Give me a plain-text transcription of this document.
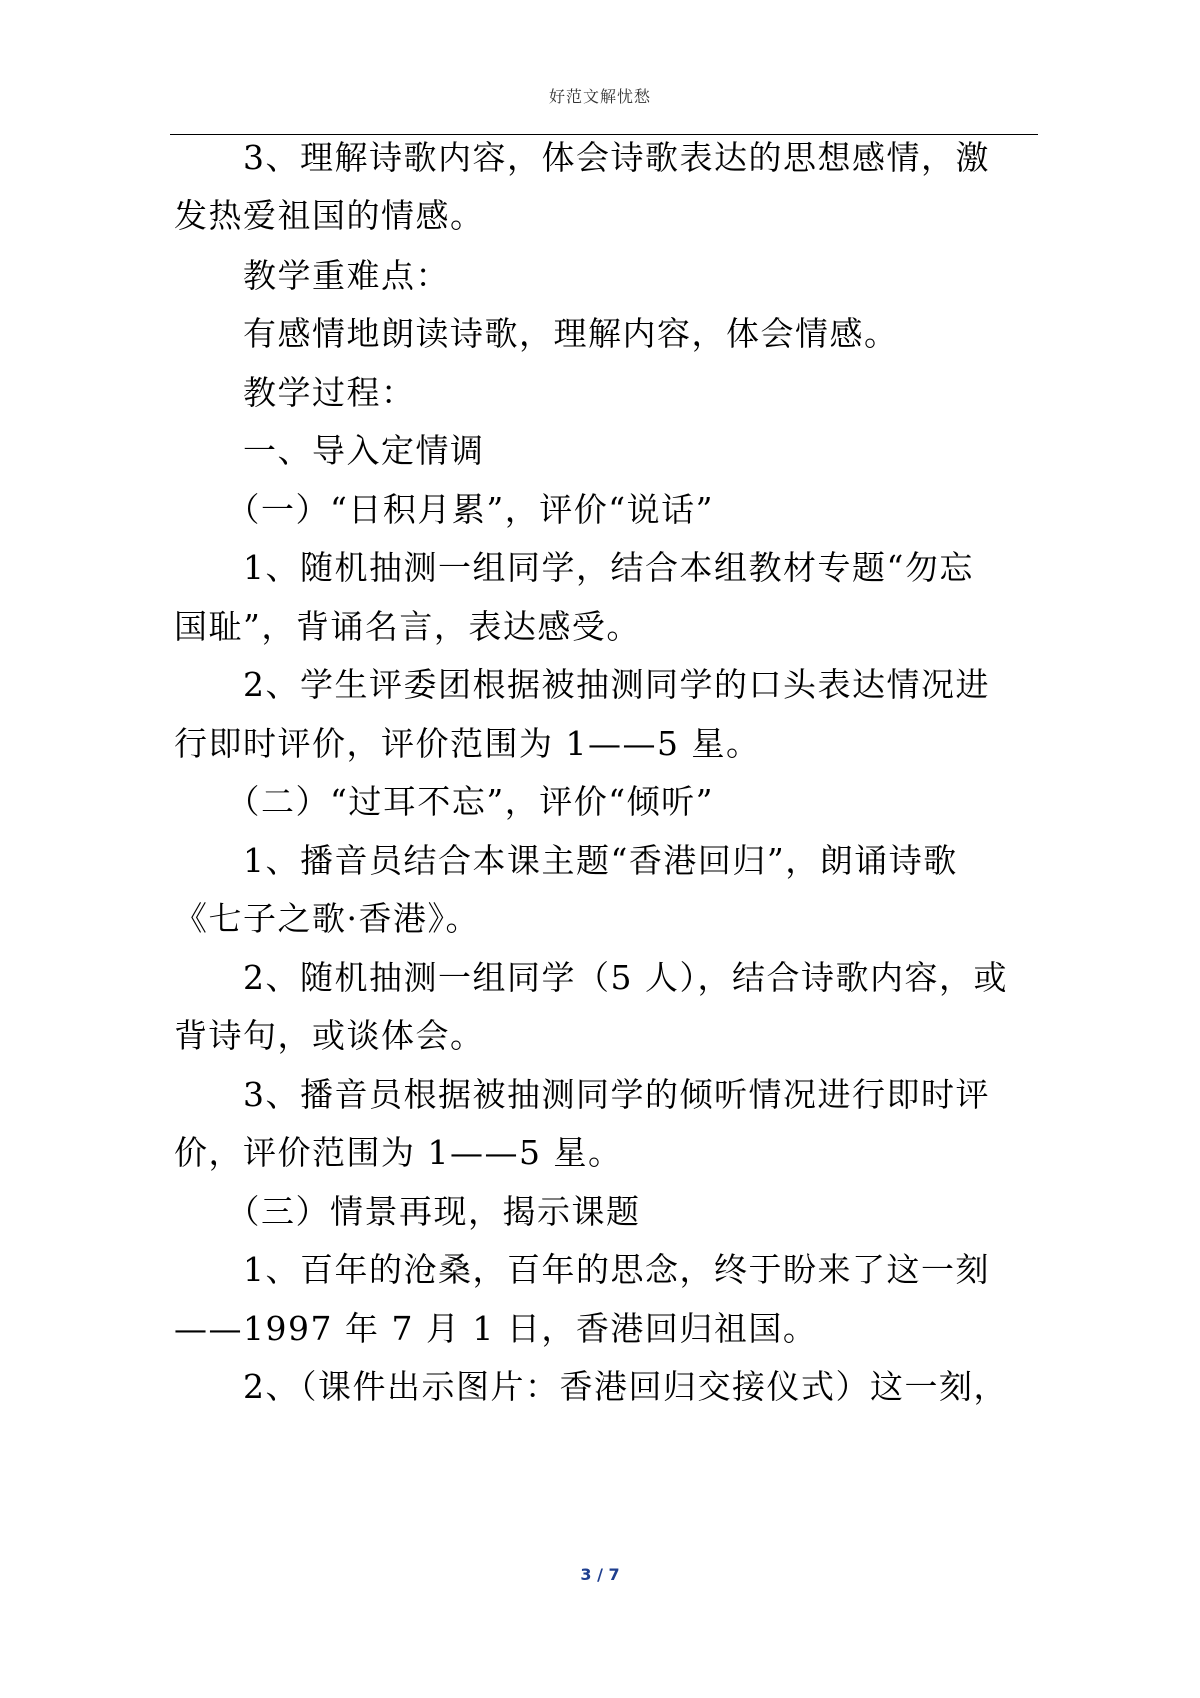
好范文解忧愁
　　3、理解诗歌内容，体会诗歌表达的思想感情，激
发热爱祖国的情感。
　　教学重难点：
　　有感情地朗读诗歌，理解内容，体会情感。
　　教学过程：
　　一、导入定情调
　　（一）“日积月累”，评价“说话”
　　1、随机抽测一组同学，结合本组教材专题“勿忘
国耻”，背诵名言，表达感受。
　　2、学生评委团根据被抽测同学的口头表达情况进
行即时评价，评价范围为 1——5 星。
　　（二）“过耳不忘”，评价“倾听”
　　1、播音员结合本课主题“香港回归”，朗诵诗歌
《七子之歌·香港》。
　　2、随机抽测一组同学（5 人），结合诗歌内容，或
背诗句，或谈体会。
　　3、播音员根据被抽测同学的倾听情况进行即时评
价，评价范围为 1——5 星。
　　（三）情景再现，揭示课题
　　1、百年的沧桑，百年的思念，终于盼来了这一刻
——1997 年 7 月 1 日，香港回归祖国。
　　2、（课件出示图片：香港回归交接仪式）这一刻，
3 / 7
